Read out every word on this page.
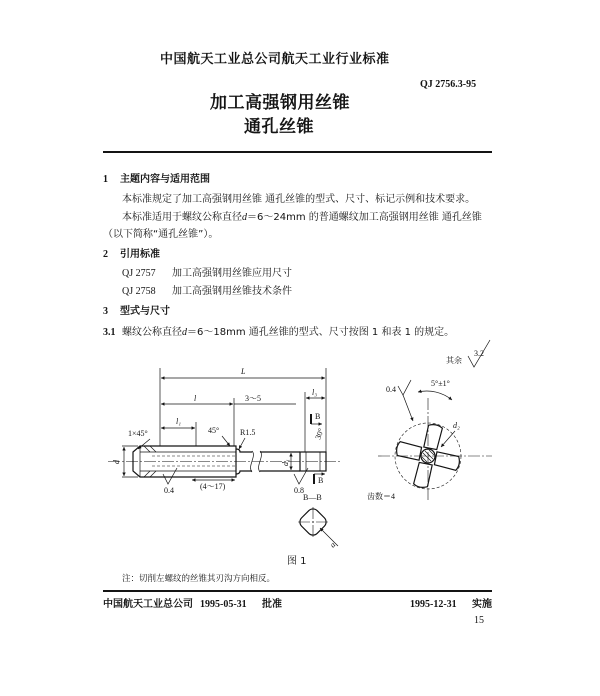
中国航天工业总公司航天工业行业标准
QJ 2756.3-95
加工高强钢用丝锥
通孔丝锥
1 主题内容与适用范围
本标准规定了加工高强钢用丝锥 通孔丝锥的型式、尺寸、标记示例和技术要求。
本标准适用于螺纹公称直径d＝6～24mm 的普通螺纹加工高强钢用丝锥 通孔丝锥
（以下简称“通孔丝锥”）。
2 引用标准
QJ 2757 加工高强钢用丝锥应用尺寸
QJ 2758 加工高强钢用丝锥技术条件
3 型式与尺寸
3.1 螺纹公称直径d＝6～18mm 通孔丝锥的型式、尺寸按图 1 和表 1 的规定。
L
l	3～5
l₁
1×45°	45°	R1.5
l₃
B
30°
d	d₁
0.4	(4～17)	0.8
B
B—B
a
其余
3.2
0.4
5°±1°
d₂
齿数＝4
图 1
注：切削左螺纹的丝锥其刃沟方向相反。
中国航天工业总公司 1995-05-31 批准	1995-12-31 实施
15
